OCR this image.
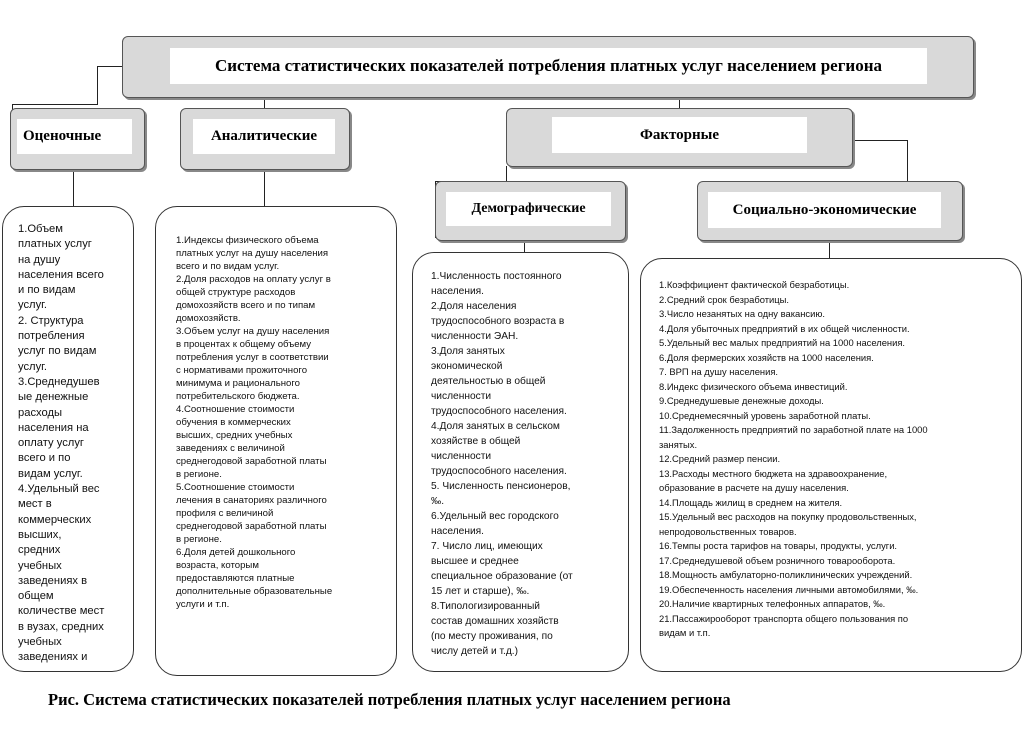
Система статистических показателей потребления платных услуг населением региона
Оценочные	Аналитические	Факторные
Демографические	Социально-экономические
1.Объем
платных услуг
на душу
населения всего
и по видам
услуг.
2. Структура
потребления
услуг по видам
услуг.
3.Среднедушев
ые денежные
расходы
населения на
оплату услуг
всего и по
видам услуг.
4.Удельный вес
мест в
коммерческих
высших,
средних
учебных
заведениях в
общем
количестве мест
в вузах, средних
учебных
заведениях и
1.Индексы физического объема
платных услуг на душу населения
всего и по видам услуг.
2.Доля расходов на оплату услуг в
общей структуре расходов
домохозяйств всего и по типам
домохозяйств.
3.Объем услуг на душу населения
в процентах к общему объему
потребления услуг в соответствии
с нормативами прожиточного
минимума и рационального
потребительского бюджета.
4.Соотношение стоимости
обучения в коммерческих
высших, средних учебных
заведениях с величиной
среднегодовой заработной платы
в регионе.
5.Соотношение стоимости
лечения в санаториях различного
профиля с величиной
среднегодовой заработной платы
в регионе.
6.Доля детей дошкольного
возраста, которым
предоставляются платные
дополнительные образовательные
услуги и т.п.
1.Численность постоянного
населения.
2.Доля населения
трудоспособного возраста в
численности ЭАН.
3.Доля занятых
экономической
деятельностью в общей
численности
трудоспособного населения.
4.Доля занятых в сельском
хозяйстве в общей
численности
трудоспособного населения.
5. Численность пенсионеров,
‰.
6.Удельный вес городского
населения.
7. Число лиц, имеющих
высшее и среднее
специальное образование (от
15 лет и старше), ‰.
8.Типологизированный
состав домашних хозяйств
(по месту проживания, по
числу детей и т.д.)
1.Коэффициент фактической безработицы.
2.Средний срок безработицы.
3.Число незанятых на одну вакансию.
4.Доля убыточных предприятий в их общей численности.
5.Удельный вес малых предприятий на 1000 населения.
6.Доля фермерских хозяйств на 1000 населения.
7. ВРП на душу населения.
8.Индекс физического объема инвестиций.
9.Среднедушевые денежные доходы.
10.Среднемесячный уровень заработной платы.
11.Задолженность предприятий по заработной плате на 1000
занятых.
12.Средний размер пенсии.
13.Расходы местного бюджета на здравоохранение,
образование в расчете на душу населения.
14.Площадь жилищ в среднем на жителя.
15.Удельный вес расходов на покупку продовольственных,
непродовольственных товаров.
16.Темпы роста тарифов на товары, продукты, услуги.
17.Среднедушевой объем розничного товарооборота.
18.Мощность амбулаторно-поликлинических учреждений.
19.Обеспеченность населения личными автомобилями, ‰.
20.Наличие квартирных телефонных аппаратов, ‰.
21.Пассажирооборот транспорта общего пользования по
видам и т.п.
Рис. Система статистических показателей потребления платных услуг населением региона
